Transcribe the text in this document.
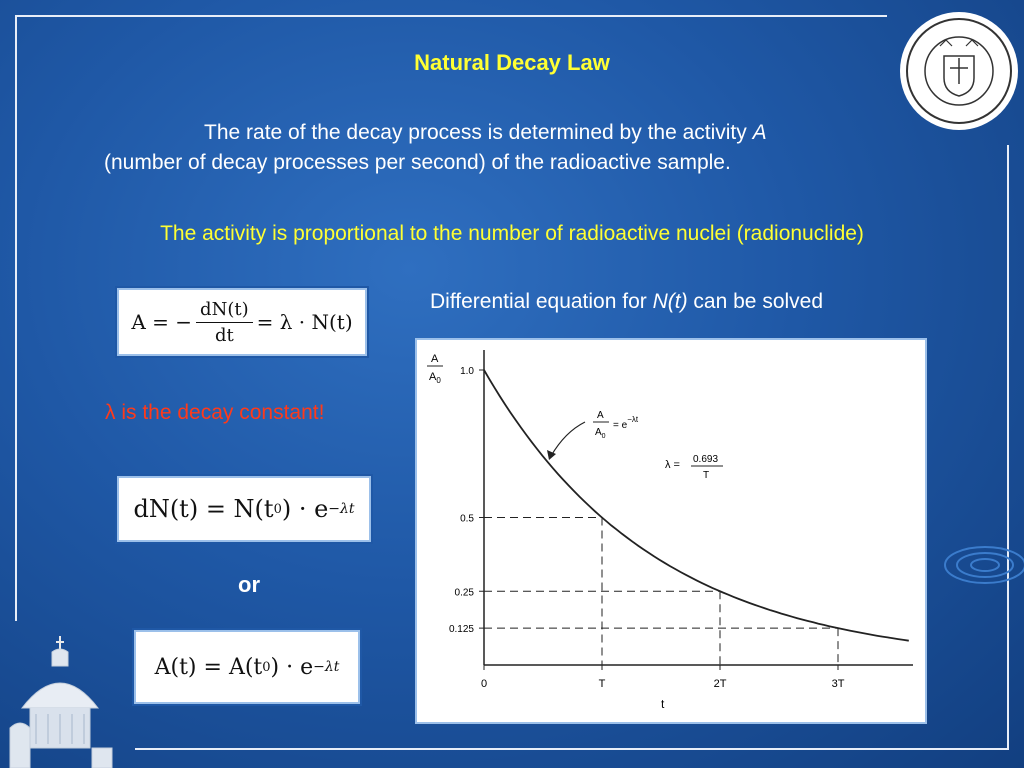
Natural Decay Law
The rate of the decay process is determined by the activity A
(number of decay processes per second) of the radioactive sample.
The activity is proportional to the number of radioactive nuclei (radionuclide)
A = − $\frac{dN(t)}{dt} = \lambda \cdot N(t)$
Differential equation for N(t) can be solved
λ is the decay constant!
dN(t) = N(t 0 ) · e −λt
or
A(t) = A(t 0 ) · e −λt
A
$A_0$
1.0
0.5
0.25
0.125
0	T	2T	3T
A
$A_0$
= $e^{-\lambda t}$
λ = 0.693
T
t
